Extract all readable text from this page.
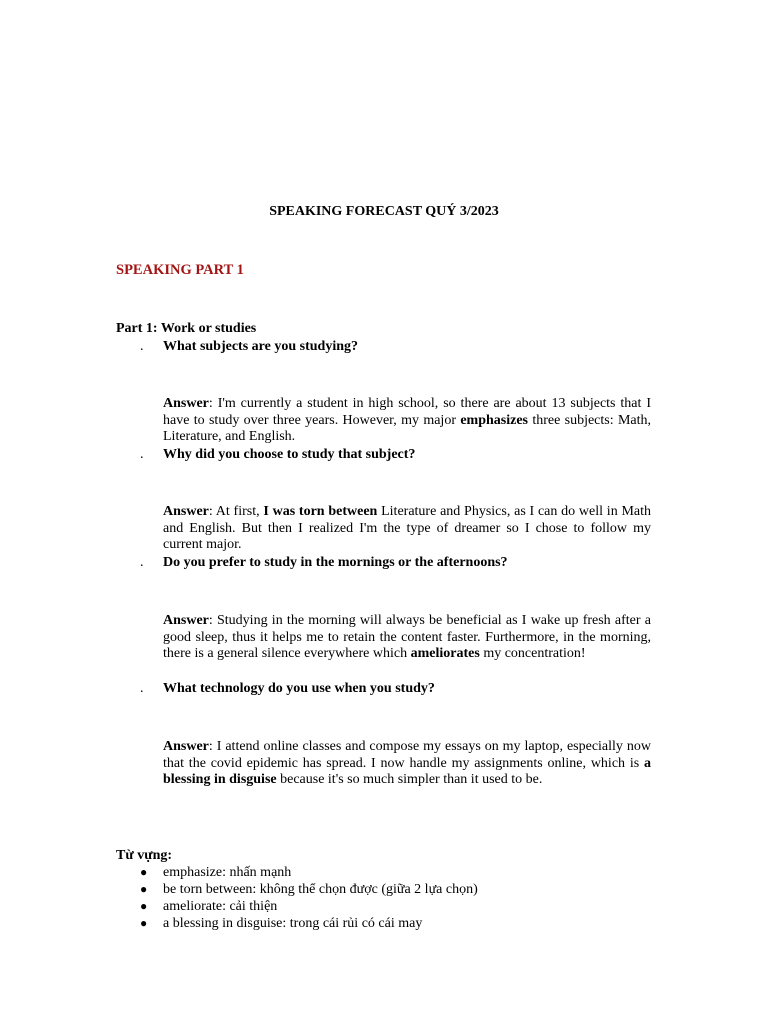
SPEAKING FORECAST QUÝ 3/2023
SPEAKING PART 1
Part 1: Work or studies
. What subjects are you studying?
Answer: I'm currently a student in high school, so there are about 13 subjects that I have to study over three years. However, my major emphasizes three subjects: Math, Literature, and English.
. Why did you choose to study that subject?
Answer: At first, I was torn between Literature and Physics, as I can do well in Math and English. But then I realized I'm the type of dreamer so I chose to follow my current major.
. Do you prefer to study in the mornings or the afternoons?
Answer: Studying in the morning will always be beneficial as I wake up fresh after a good sleep, thus it helps me to retain the content faster. Furthermore, in the morning, there is a general silence everywhere which ameliorates my concentration!
. What technology do you use when you study?
Answer: I attend online classes and compose my essays on my laptop, especially now that the covid epidemic has spread. I now handle my assignments online, which is a blessing in disguise because it's so much simpler than it used to be.
Từ vựng:
● emphasize: nhấn mạnh
● be torn between: không thể chọn được (giữa 2 lựa chọn)
● ameliorate: cải thiện
● a blessing in disguise: trong cái rủi có cái may
